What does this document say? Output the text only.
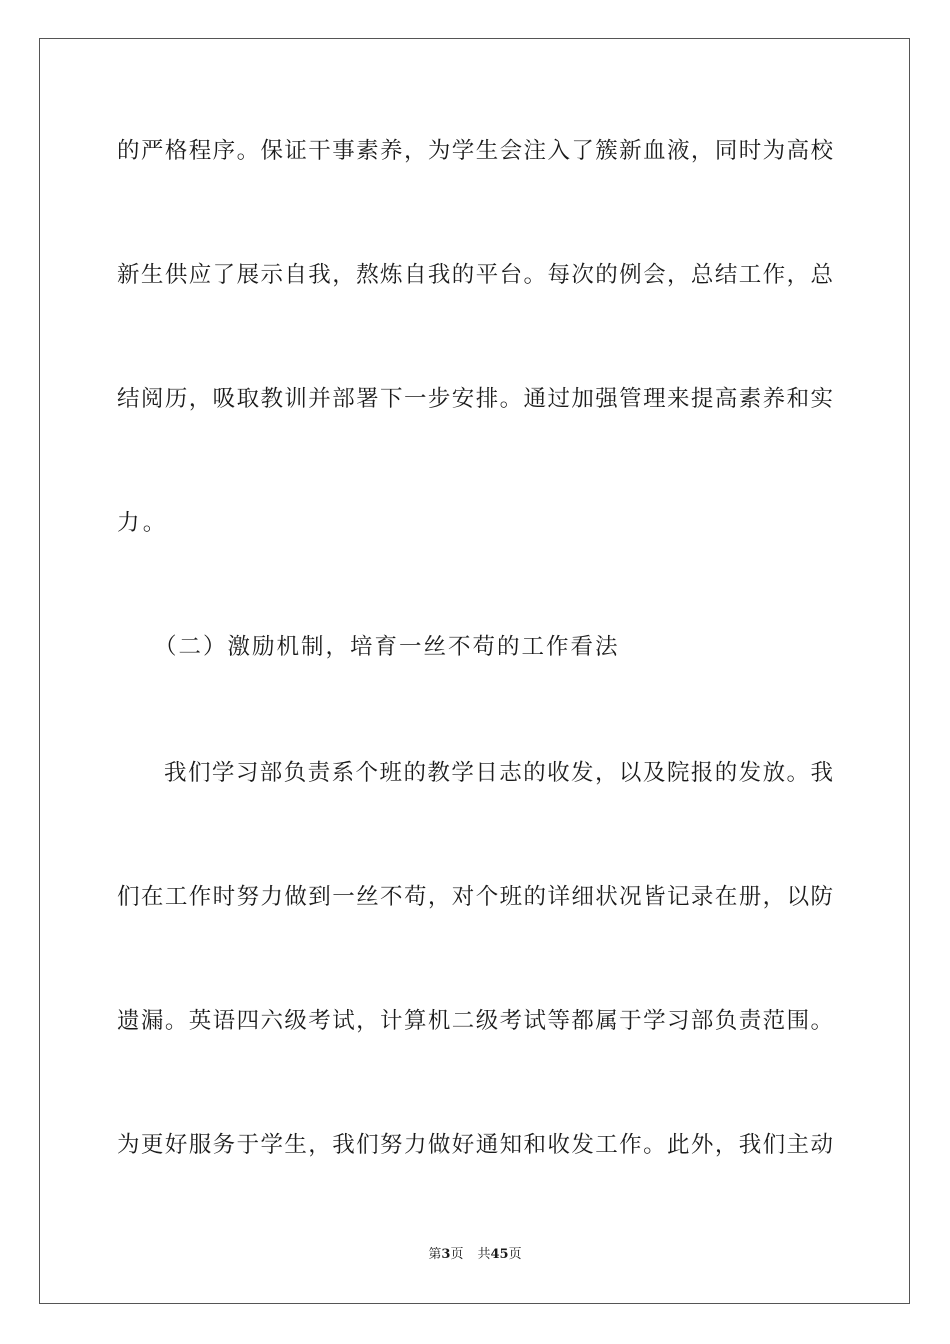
的严格程序。保证干事素养，为学生会注入了簇新血液，同时为高校
新生供应了展示自我，熬炼自我的平台。每次的例会，总结工作，总
结阅历，吸取教训并部署下一步安排。通过加强管理来提高素养和实
力。
（二）激励机制，培育一丝不苟的工作看法
我们学习部负责系个班的教学日志的收发，以及院报的发放。我
们在工作时努力做到一丝不苟，对个班的详细状况皆记录在册，以防
遗漏。英语四六级考试，计算机二级考试等都属于学习部负责范围。
为更好服务于学生，我们努力做好通知和收发工作。此外，我们主动
第3页 共45页
